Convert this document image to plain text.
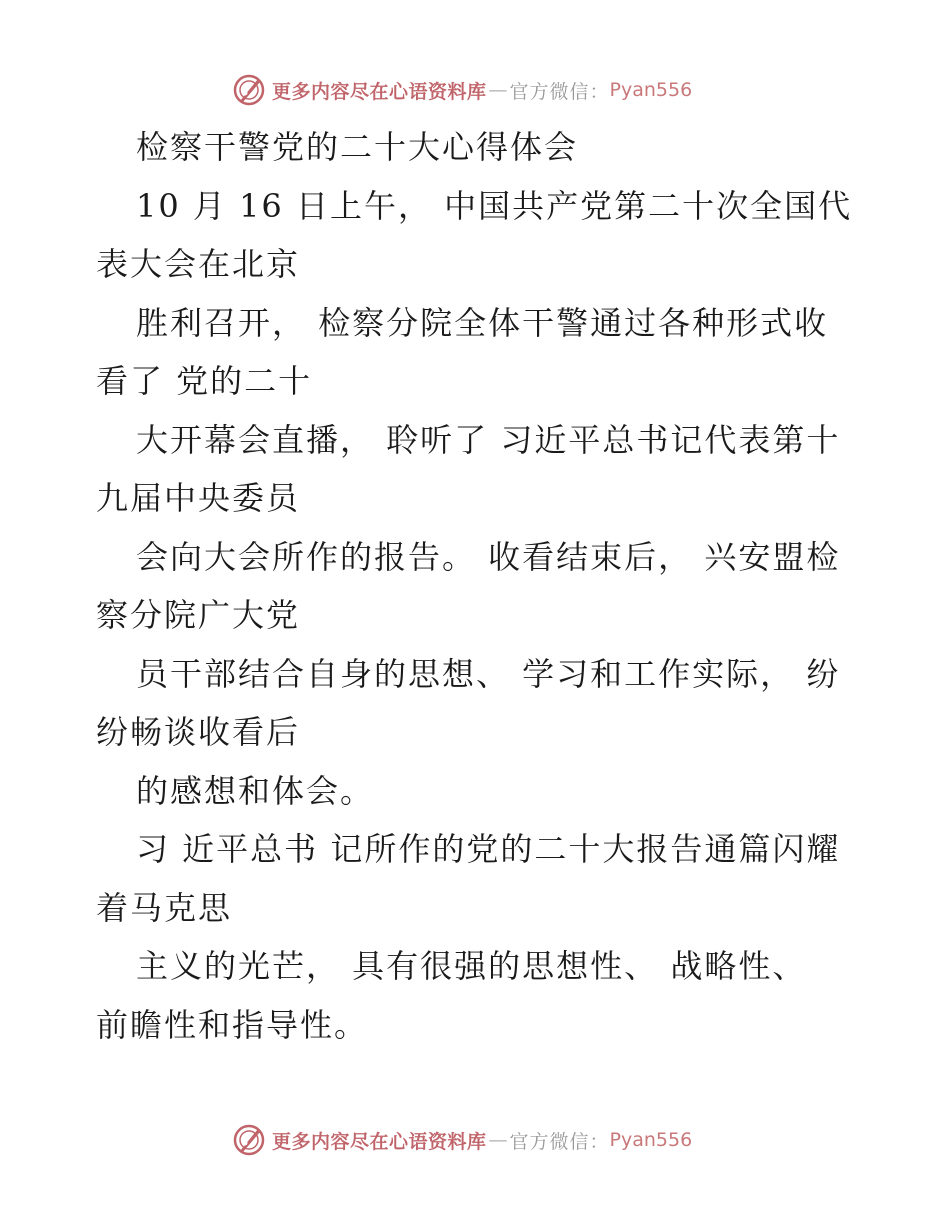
更多内容尽在心语资料库 — 官方微信： Pyan556
检察干警党的二十大心得体会
10 月 16 日上午， 中国共产党第二十次全国代
表大会在北京
胜利召开， 检察分院全体干警通过各种形式收
看了 党的二十
大开幕会直播， 聆听了 习近平总书记代表第十
九届中央委员
会向大会所作的报告。 收看结束后， 兴安盟检
察分院广大党
员干部结合自身的思想、 学习和工作实际， 纷
纷畅谈收看后
的感想和体会。
习 近平总书 记所作的党的二十大报告通篇闪耀
着马克思
主义的光芒， 具有很强的思想性、 战略性、
前瞻性和指导性。
更多内容尽在心语资料库 — 官方微信： Pyan556
